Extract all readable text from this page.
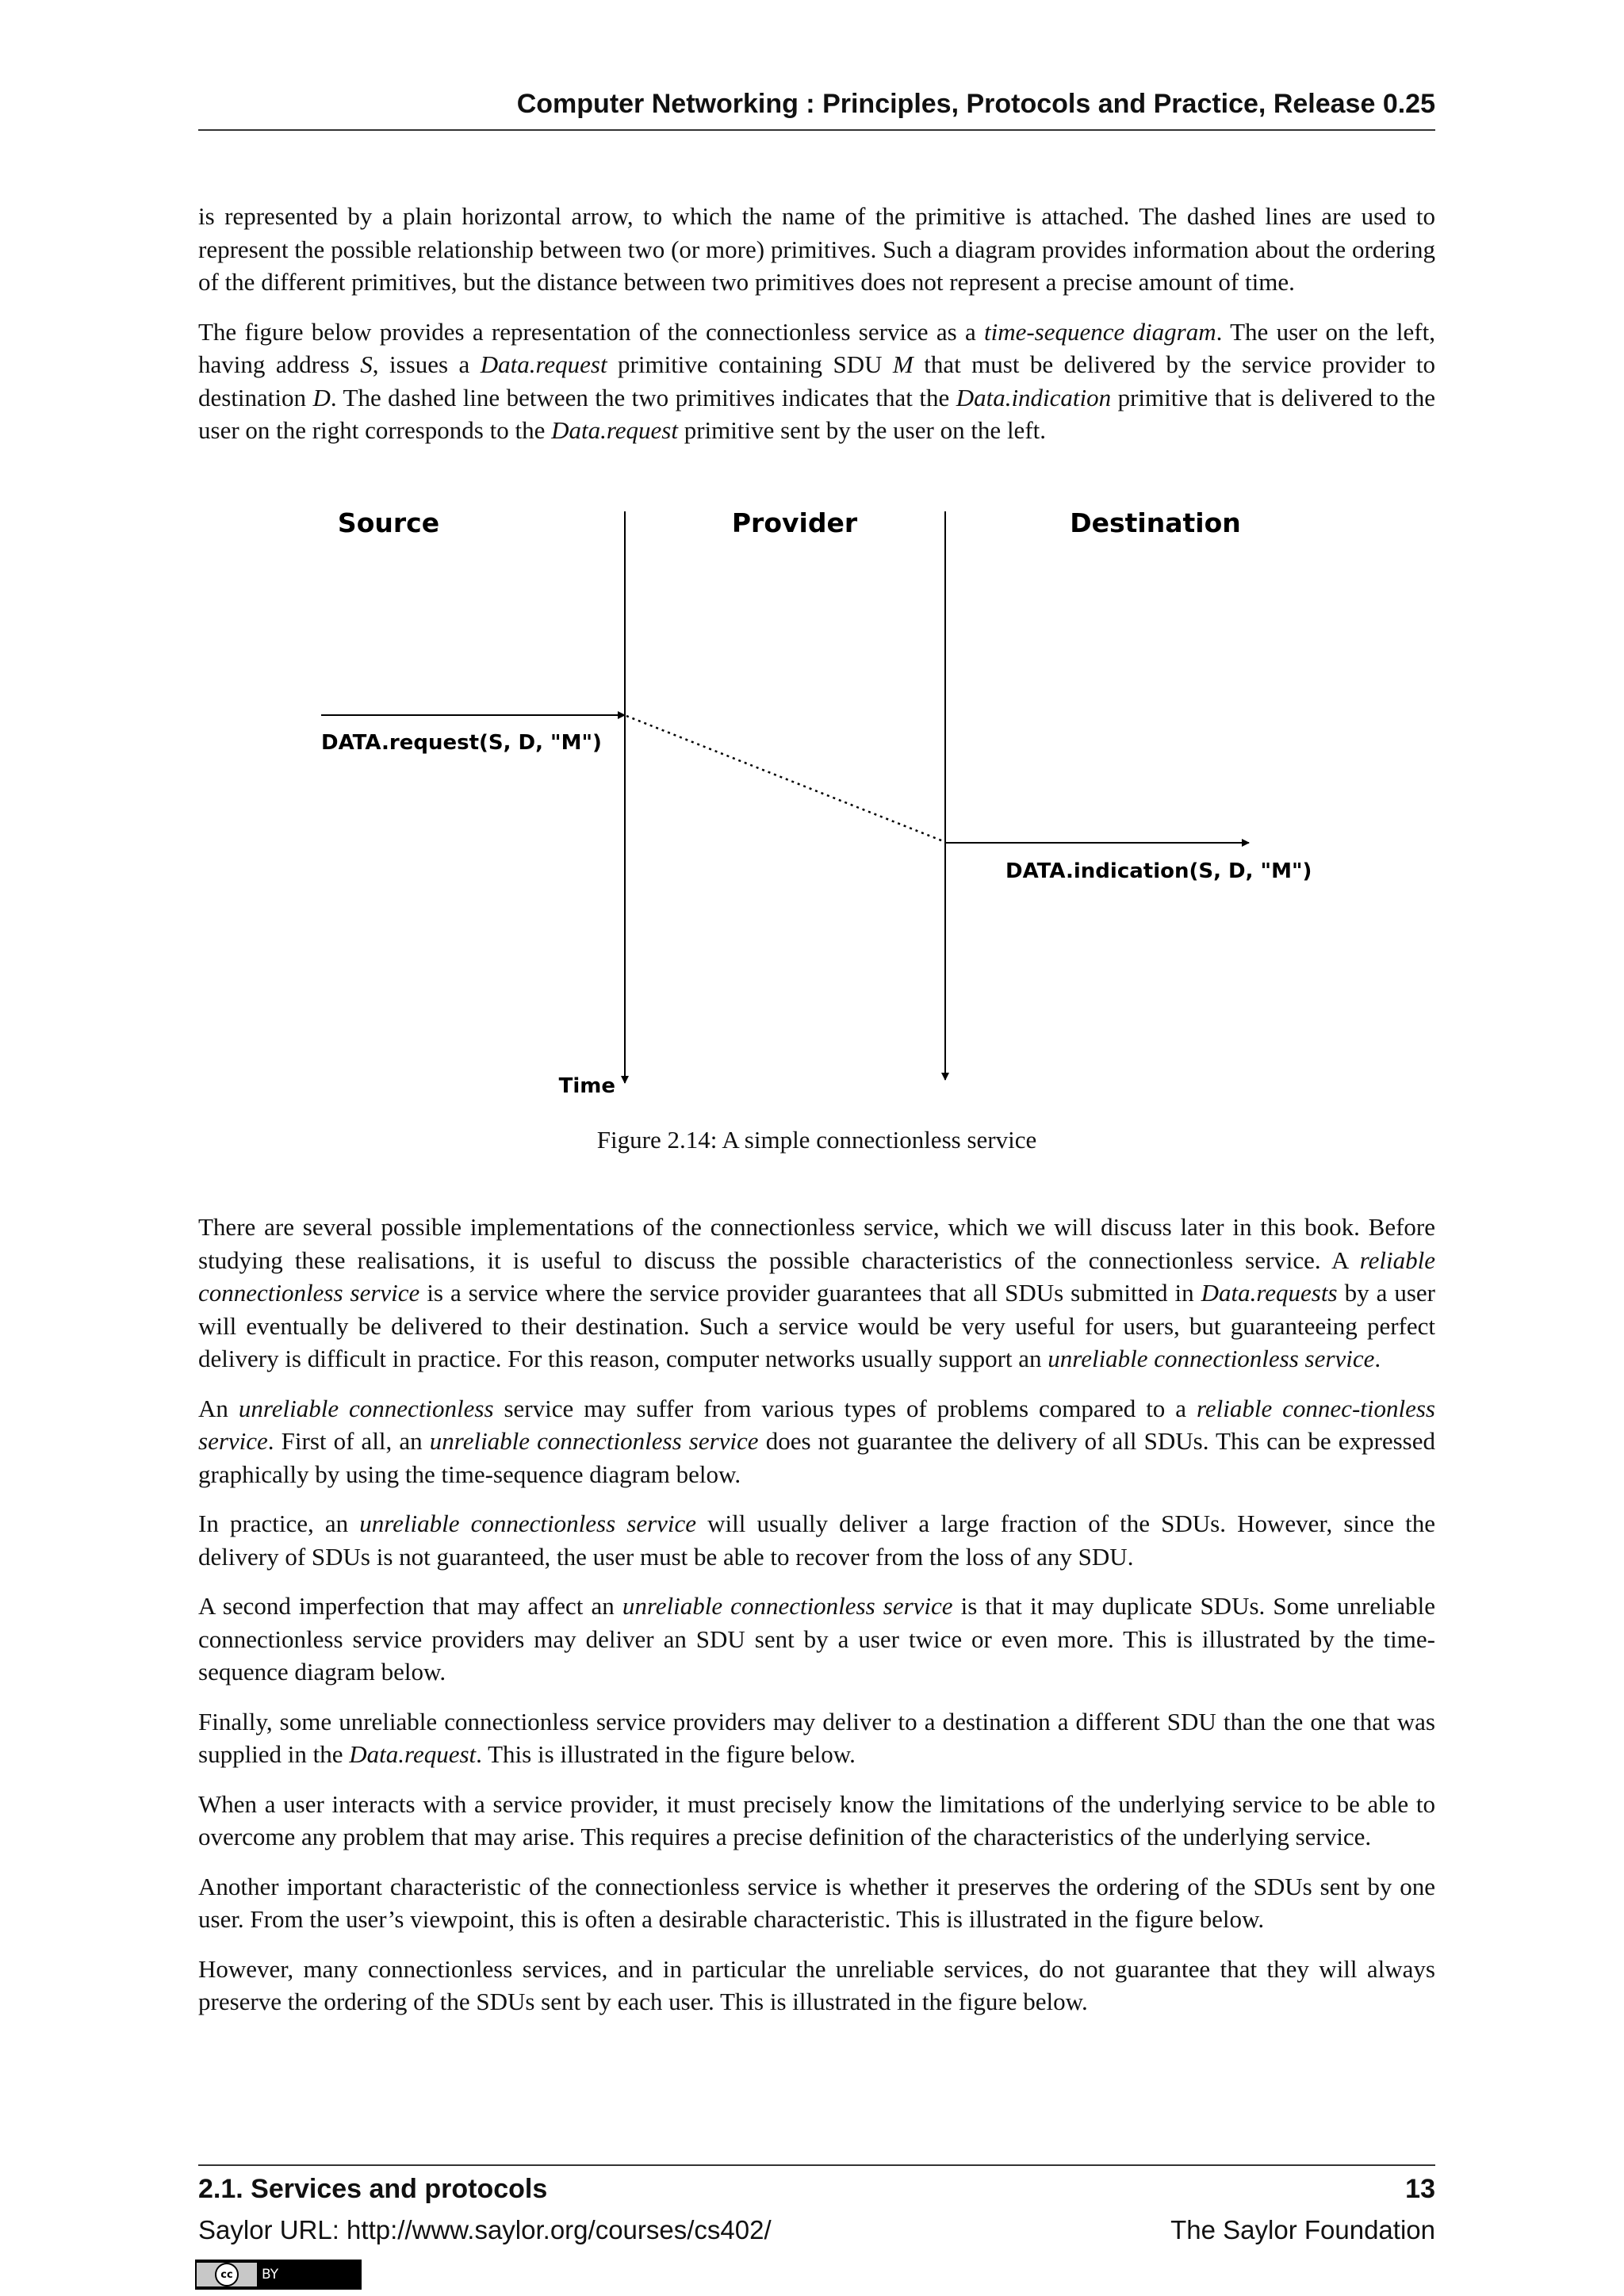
Computer Networking : Principles, Protocols and Practice, Release 0.25

is represented by a plain horizontal arrow, to which the name of the primitive is attached. The dashed lines are used to represent the possible relationship between two (or more) primitives. Such a diagram provides information about the ordering of the different primitives, but the distance between two primitives does not represent a precise amount of time.

The figure below provides a representation of the connectionless service as a time-sequence diagram. The user on the left, having address S, issues a Data.request primitive containing SDU M that must be delivered by the service provider to destination D. The dashed line between the two primitives indicates that the Data.indication primitive that is delivered to the user on the right corresponds to the Data.request primitive sent by the user on the left.

Source	Provider	Destination
DATA.request(S, D, "M")
DATA.indication(S, D, "M")
Time
Figure 2.14: A simple connectionless service

There are several possible implementations of the connectionless service, which we will discuss later in this book. Before studying these realisations, it is useful to discuss the possible characteristics of the connectionless service. A reliable connectionless service is a service where the service provider guarantees that all SDUs submitted in Data.requests by a user will eventually be delivered to their destination. Such a service would be very useful for users, but guaranteeing perfect delivery is difficult in practice. For this reason, computer networks usually support an unreliable connectionless service.

An unreliable connectionless service may suffer from various types of problems compared to a reliable connec-tionless service. First of all, an unreliable connectionless service does not guarantee the delivery of all SDUs. This can be expressed graphically by using the time-sequence diagram below.

In practice, an unreliable connectionless service will usually deliver a large fraction of the SDUs. However, since the delivery of SDUs is not guaranteed, the user must be able to recover from the loss of any SDU.

A second imperfection that may affect an unreliable connectionless service is that it may duplicate SDUs. Some unreliable connectionless service providers may deliver an SDU sent by a user twice or even more. This is illustrated by the time-sequence diagram below.

Finally, some unreliable connectionless service providers may deliver to a destination a different SDU than the one that was supplied in the Data.request. This is illustrated in the figure below.

When a user interacts with a service provider, it must precisely know the limitations of the underlying service to be able to overcome any problem that may arise. This requires a precise definition of the characteristics of the underlying service.

Another important characteristic of the connectionless service is whether it preserves the ordering of the SDUs sent by one user. From the user’s viewpoint, this is often a desirable characteristic. This is illustrated in the figure below.

However, many connectionless services, and in particular the unreliable services, do not guarantee that they will always preserve the ordering of the SDUs sent by each user. This is illustrated in the figure below.

2.1. Services and protocols	13
Saylor URL: http://www.saylor.org/courses/cs402/	The Saylor Foundation
cc	BY
